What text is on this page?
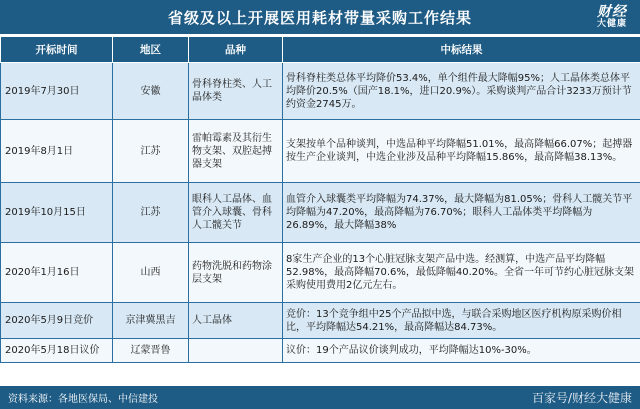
省级及以上开展医用耗材带量采购工作结果	财经
大健康
开标时间	地区	品种	中标结果
2019年7月30日	安徽	骨科脊柱类、人工晶体类	骨科脊柱类总体平均降价53.4%，单个组件最大降幅95%；人工晶体类总体平均降价20.5%（国产18.1%，进口20.9%）。采购谈判产品合计3233万预计节约资金2745万。
2019年8月1日	江苏	雷帕霉素及其衍生物支架、双腔起搏器支架	支架按单个品种谈判，中选品种平均降幅51.01%，最高降幅66.07%；起搏器按生产企业谈判，中选企业涉及品种平均降幅15.86%，最高降幅38.13%。
2019年10月15日	江苏	眼科人工晶体、血管介入球囊、骨科人工髋关节	血管介入球囊类平均降幅为74.37%，最大降幅为81.05%；骨科人工髋关节平均降幅为47.20%，最高降幅为76.70%；眼科人工晶体类平均降幅为26.89%，最大降幅38%
2020年1月16日	山西	药物洗脱和药物涂层支架	8家生产企业的13个心脏冠脉支架产品中选。经测算，中选产品平均降幅52.98%，最高降幅70.6%，最低降幅40.20%。全省一年可节约心脏冠脉支架采购使用费用2亿元左右。
2020年5月9日竞价	京津冀黑吉	人工晶体	竞价：13个竞争组中25个产品拟中选，与联合采购地区医疗机构原采购价相比，平均降幅达54.21%，最高降幅达84.73%。
2020年5月18日议价	辽蒙晋鲁		议价：19个产品议价谈判成功，平均降幅达10%-30%。
资料来源：各地医保局、中信建投	百家号/财经大健康
